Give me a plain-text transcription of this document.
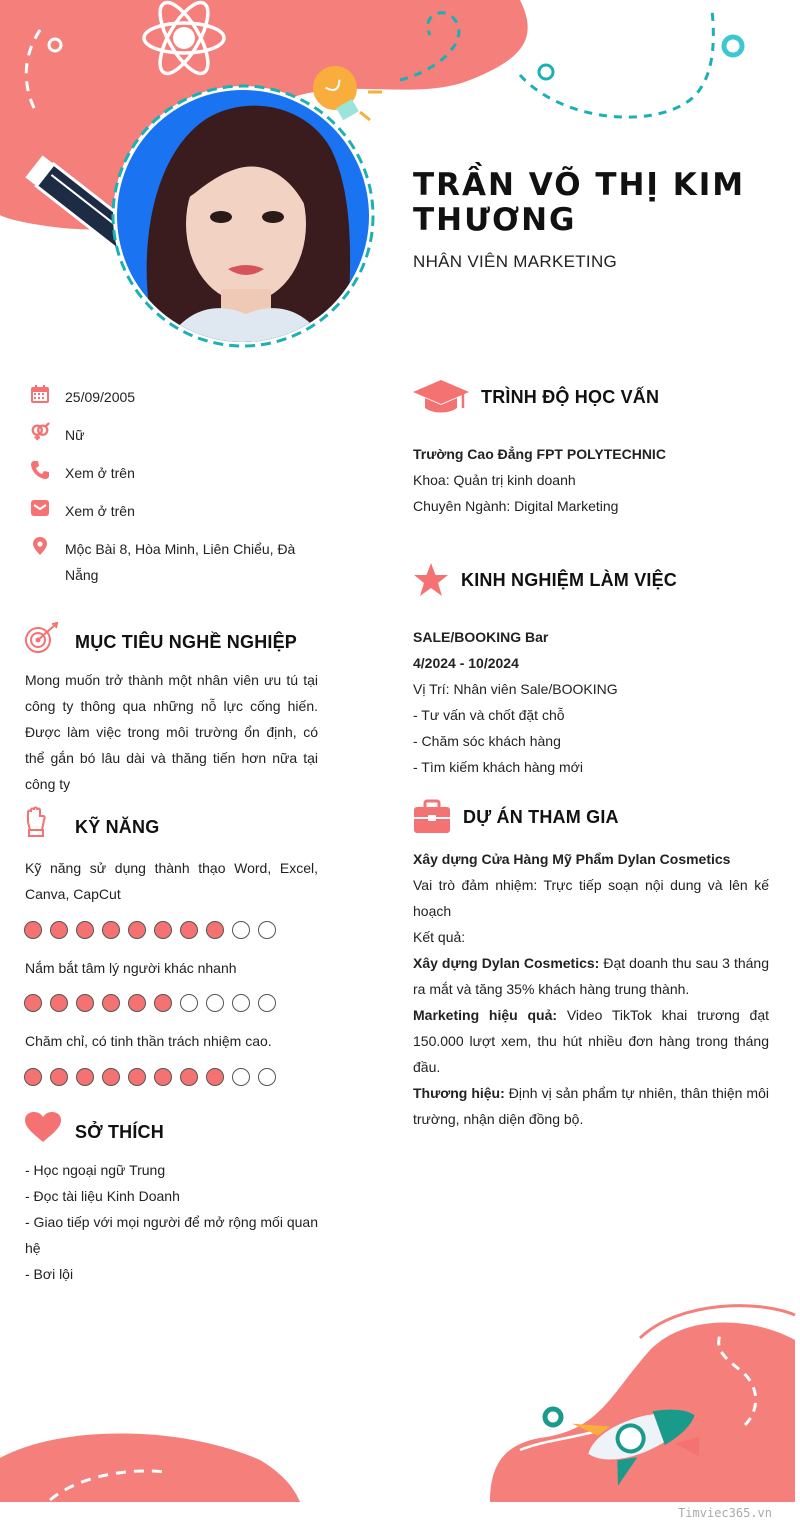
TRẦN VÕ THỊ KIM THƯƠNG
NHÂN VIÊN MARKETING
25/09/2005
Nữ
Xem ở trên
Xem ở trên
Mộc Bài 8, Hòa Minh, Liên Chiểu, Đà Nẵng
MỤC TIÊU NGHỀ NGHIỆP
Mong muốn trở thành một nhân viên ưu tú tại công ty thông qua những nỗ lực cống hiến. Được làm việc trong môi trường ổn định, có thể gắn bó lâu dài và thăng tiến hơn nữa tại công ty
KỸ NĂNG
Kỹ năng sử dụng thành thạo Word, Excel, Canva, CapCut
Nắm bắt tâm lý người khác nhanh
Chăm chỉ, có tinh thần trách nhiệm cao.
SỞ THÍCH
- Học ngoại ngữ Trung
- Đọc tài liệu Kinh Doanh
- Giao tiếp với mọi người để mở rộng mối quan hệ
- Bơi lội
TRÌNH ĐỘ HỌC VẤN
Trường Cao Đẳng FPT POLYTECHNIC
Khoa: Quản trị kinh doanh
Chuyên Ngành: Digital Marketing
KINH NGHIỆM LÀM VIỆC
SALE/BOOKING Bar
4/2024 - 10/2024
Vị Trí: Nhân viên Sale/BOOKING
- Tư vấn và chốt đặt chỗ
- Chăm sóc khách hàng
- Tìm kiếm khách hàng mới
DỰ ÁN THAM GIA
Xây dựng Cửa Hàng Mỹ Phẩm Dylan Cosmetics
Vai trò đảm nhiệm: Trực tiếp soạn nội dung và lên kế hoạch
Kết quả:
Xây dựng Dylan Cosmetics: Đạt doanh thu sau 3 tháng ra mắt và tăng 35% khách hàng trung thành.
Marketing hiệu quả: Video TikTok khai trương đạt 150.000 lượt xem, thu hút nhiều đơn hàng trong tháng đầu.
Thương hiệu: Định vị sản phẩm tự nhiên, thân thiện môi trường, nhận diện đồng bộ.
Timviec365.vn
